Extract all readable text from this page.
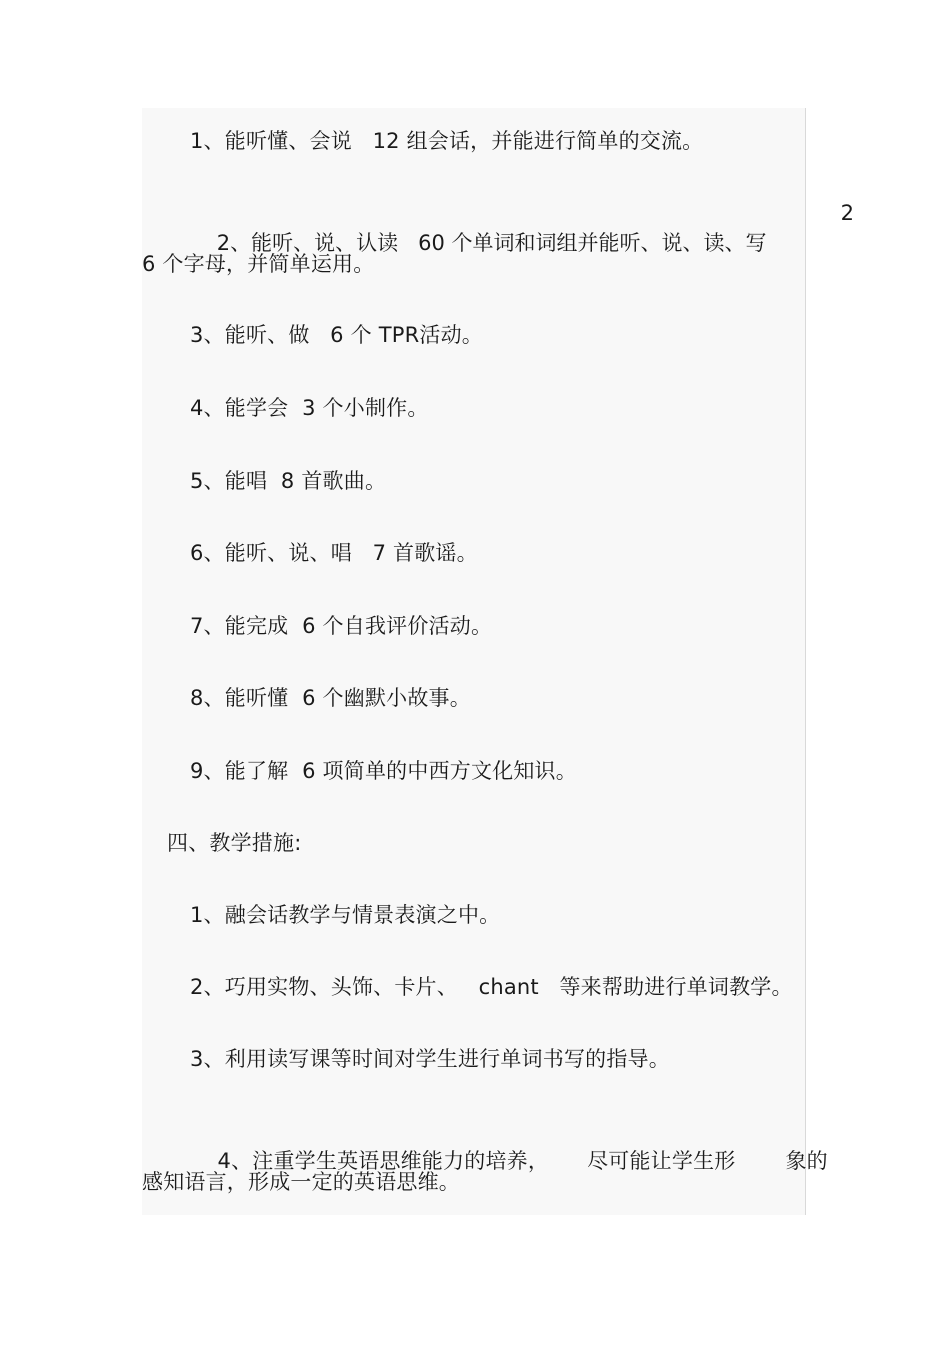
1、能听懂、会说   12 组会话，并能进行简单的交流。

2、能听、说、认读   60 个单词和词组并能听、说、读、写

2

6 个字母，并简单运用。
3、能听、做   6 个 TPR活动。
4、能学会  3 个小制作。
5、能唱  8 首歌曲。
6、能听、说、唱   7 首歌谣。
7、能完成  6 个自我评价活动。
8、能听懂  6 个幽默小故事。
9、能了解  6 项简单的中西方文化知识。
四、教学措施:
1、融会话教学与情景表演之中。
2、巧用实物、头饰、卡片、   chant   等来帮助进行单词教学。
3、利用读写课等时间对学生进行单词书写的指导。

4、注重学生英语思维能力的培养， 尽可能让学生形 象的

感知语言，形成一定的英语思维。
